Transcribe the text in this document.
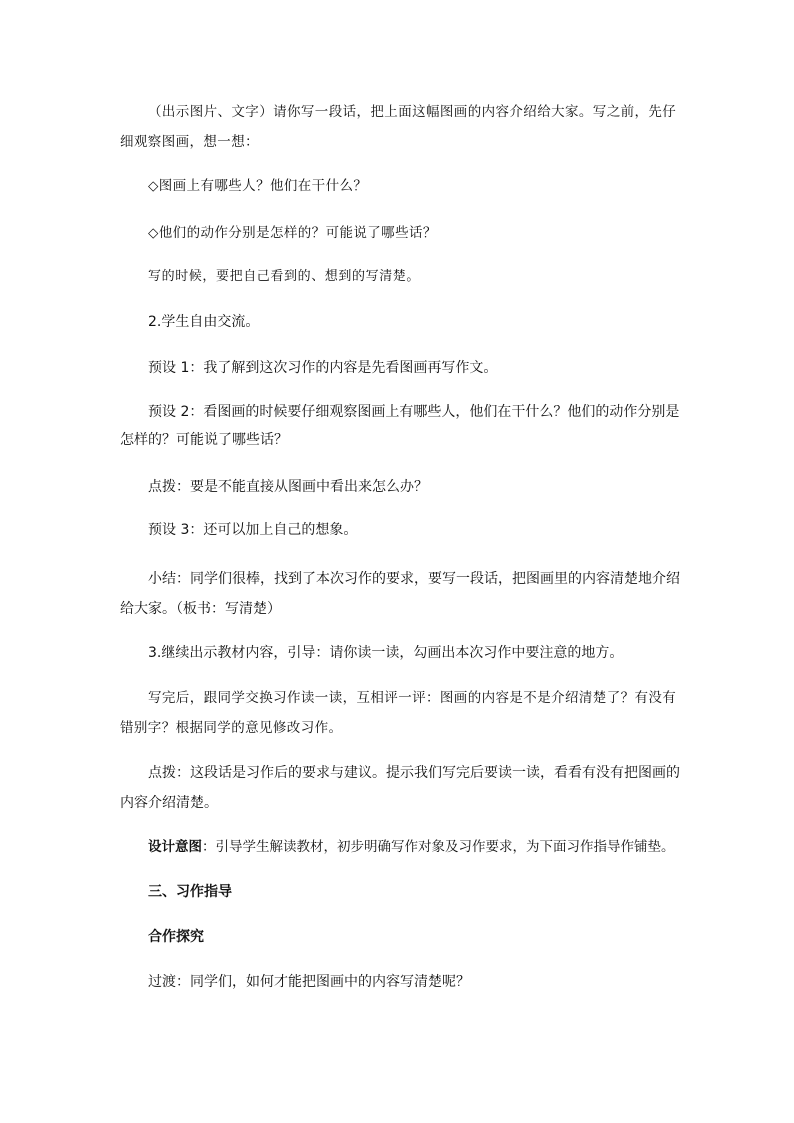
（出示图片、文字）请你写一段话，把上面这幅图画的内容介绍给大家。写之前，先仔
细观察图画，想一想：
◇图画上有哪些人？他们在干什么？
◇他们的动作分别是怎样的？可能说了哪些话？
写的时候，要把自己看到的、想到的写清楚。
2.学生自由交流。
预设 1：我了解到这次习作的内容是先看图画再写作文。
预设 2：看图画的时候要仔细观察图画上有哪些人，他们在干什么？他们的动作分别是
怎样的？可能说了哪些话？
点拨：要是不能直接从图画中看出来怎么办？
预设 3：还可以加上自己的想象。
小结：同学们很棒，找到了本次习作的要求，要写一段话，把图画里的内容清楚地介绍
给大家。（板书：写清楚）
3.继续出示教材内容，引导：请你读一读，勾画出本次习作中要注意的地方。
写完后，跟同学交换习作读一读，互相评一评：图画的内容是不是介绍清楚了？有没有
错别字？根据同学的意见修改习作。
点拨：这段话是习作后的要求与建议。提示我们写完后要读一读，看看有没有把图画的
内容介绍清楚。
设计意图：引导学生解读教材，初步明确写作对象及习作要求，为下面习作指导作铺垫。
三、习作指导
合作探究
过渡：同学们，如何才能把图画中的内容写清楚呢？
